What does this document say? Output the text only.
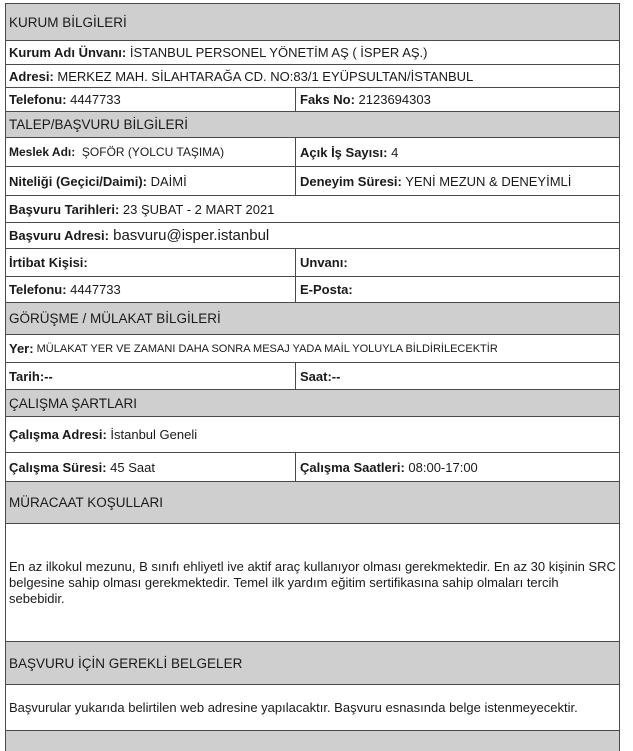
KURUM BİLGİLERİ
Kurum Adı Ünvanı: İSTANBUL PERSONEL YÖNETİM AŞ ( İSPER AŞ.)
Adresi: MERKEZ MAH. SİLAHTARAĞA CD. NO:83/1 EYÜPSULTAN/İSTANBUL
Telefonu: 4447733	Faks No: 2123694303
TALEP/BAŞVURU BİLGİLERİ
Meslek Adı: ŞOFÖR (YOLCU TAŞIMA)	Açık İş Sayısı: 4
Niteliği (Geçici/Daimi): DAİMİ	Deneyim Süresi: YENİ MEZUN & DENEYİMLİ
Başvuru Tarihleri: 23 ŞUBAT - 2 MART 2021
Başvuru Adresi: basvuru@isper.istanbul
İrtibat Kişisi:	Unvanı:
Telefonu: 4447733	E-Posta:
GÖRÜŞME / MÜLAKAT BİLGİLERİ
Yer: MÜLAKAT YER VE ZAMANI DAHA SONRA MESAJ YADA MAİL YOLUYLA BİLDİRİLECEKTİR
Tarih:--	Saat:--
ÇALIŞMA ŞARTLARI
Çalışma Adresi: İstanbul Geneli
Çalışma Süresi: 45 Saat	Çalışma Saatleri: 08:00-17:00
MÜRACAAT KOŞULLARI
En az ilkokul mezunu, B sınıfı ehliyetl ive aktif araç kullanıyor olması gerekmektedir. En az 30 kişinin SRC belgesine sahip olması gerekmektedir. Temel ilk yardım eğitim sertifikasına sahip olmaları tercih sebebidir.
BAŞVURU İÇİN GEREKLİ BELGELER
Başvurular yukarıda belirtilen web adresine yapılacaktır. Başvuru esnasında belge istenmeyecektir.
